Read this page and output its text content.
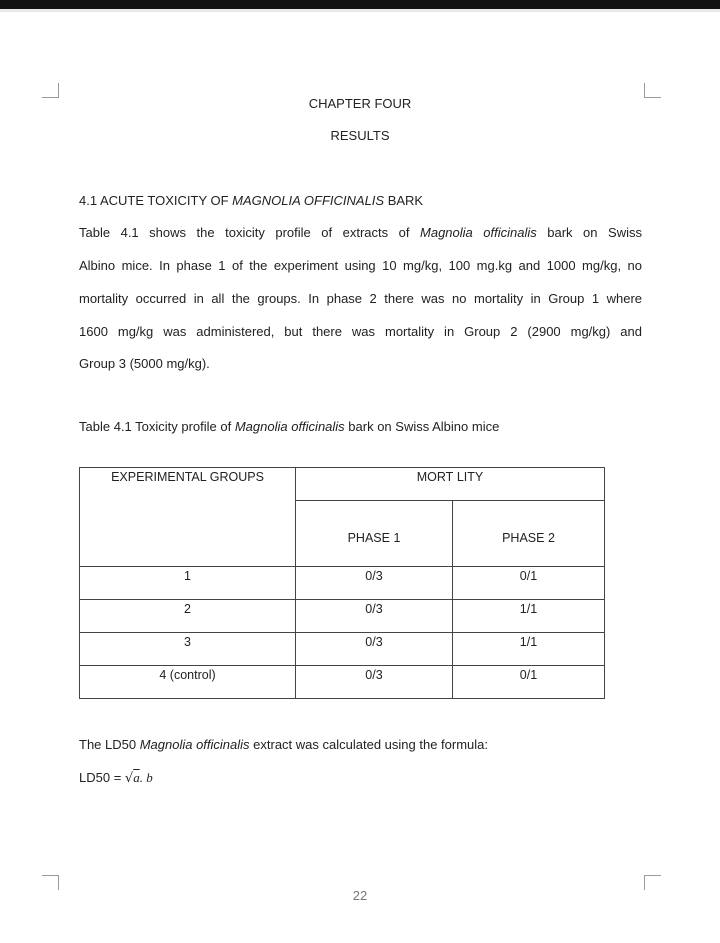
CHAPTER FOUR
RESULTS
4.1 ACUTE TOXICITY OF MAGNOLIA OFFICINALIS BARK
Table 4.1 shows the toxicity profile of extracts of Magnolia officinalis bark on Swiss
Albino mice. In phase 1 of the experiment using 10 mg/kg, 100 mg.kg and 1000 mg/kg, no
mortality occurred in all the groups. In phase 2 there was no mortality in Group 1 where
1600 mg/kg was administered, but there was mortality in Group 2 (2900 mg/kg) and
Group 3 (5000 mg/kg).
Table 4.1 Toxicity profile of Magnolia officinalis bark on Swiss Albino mice
EXPERIMENTAL GROUPS	MORT  LITY	

	PHASE 1	PHASE 2

1	0/3	0/1

2	0/3	1/1

3	0/3	1/1

4 (control)	0/3	0/1
The LD50 Magnolia officinalis extract was calculated using the formula:
LD50 = √a. b
22
